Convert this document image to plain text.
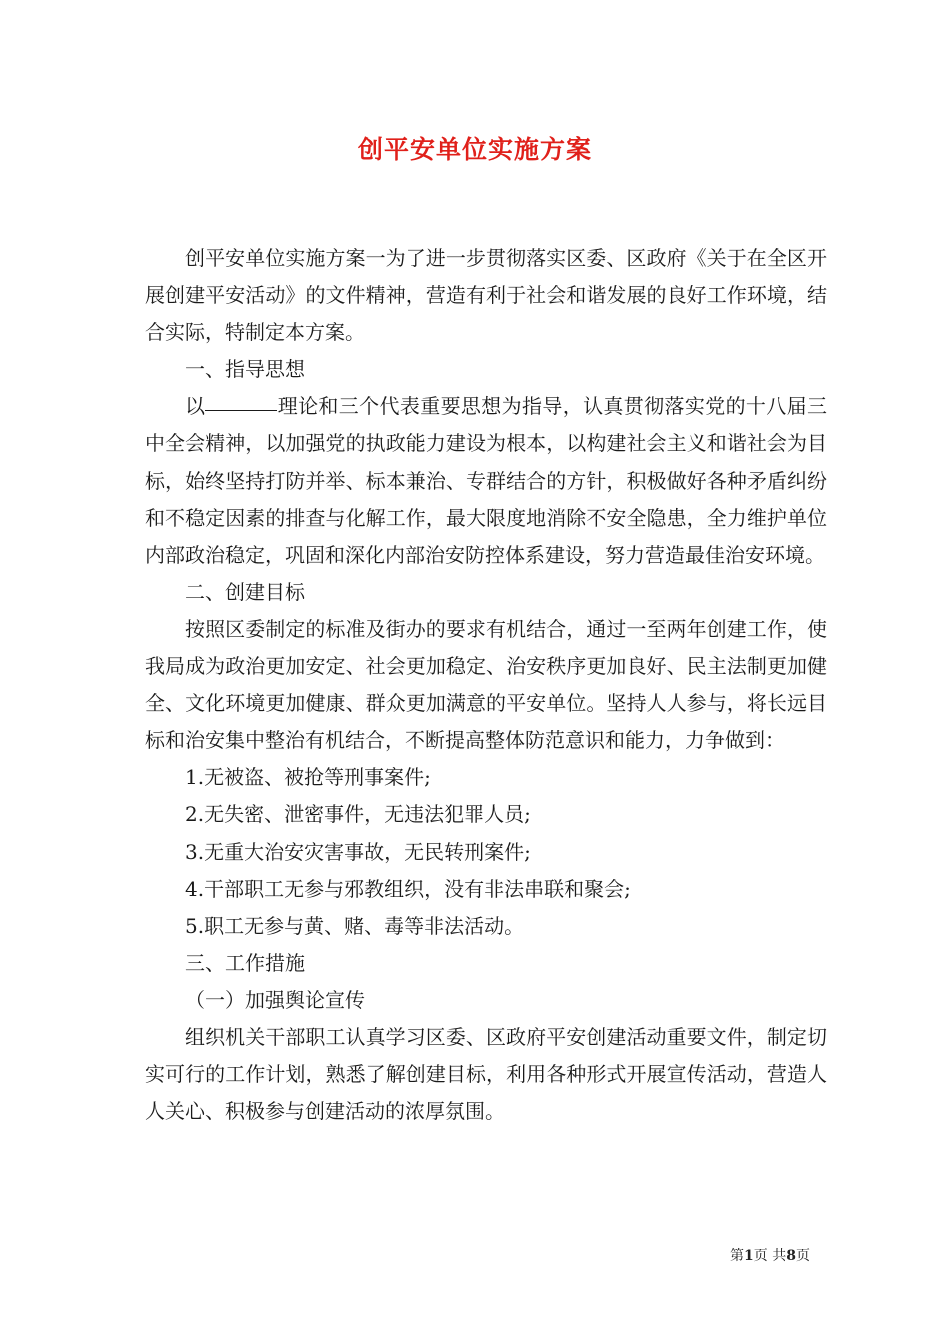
创平安单位实施方案

创平安单位实施方案一为了进一步贯彻落实区委、区政府《关于在全区开展创建平安活动》的文件精神，营造有利于社会和谐发展的良好工作环境，结合实际，特制定本方案。

一、指导思想

以	理论和三个代表重要思想为指导，认真贯彻落实党的十八届三中全会精神，以加强党的执政能力建设为根本，以构建社会主义和谐社会为目标，始终坚持打防并举、标本兼治、专群结合的方针，积极做好各种矛盾纠纷和不稳定因素的排查与化解工作，最大限度地消除不安全隐患，全力维护单位内部政治稳定，巩固和深化内部治安防控体系建设，努力营造最佳治安环境。

二、创建目标

按照区委制定的标准及街办的要求有机结合，通过一至两年创建工作，使我局成为政治更加安定、社会更加稳定、治安秩序更加良好、民主法制更加健全、文化环境更加健康、群众更加满意的平安单位。坚持人人参与，将长远目标和治安集中整治有机结合，不断提高整体防范意识和能力，力争做到：

1.无被盗、被抢等刑事案件;

2.无失密、泄密事件，无违法犯罪人员;

3.无重大治安灾害事故，无民转刑案件;

4.干部职工无参与邪教组织，没有非法串联和聚会;

5.职工无参与黄、赌、毒等非法活动。

三、工作措施

（一）加强舆论宣传

组织机关干部职工认真学习区委、区政府平安创建活动重要文件，制定切实可行的工作计划，熟悉了解创建目标，利用各种形式开展宣传活动，营造人人关心、积极参与创建活动的浓厚氛围。

第1页 共8页
